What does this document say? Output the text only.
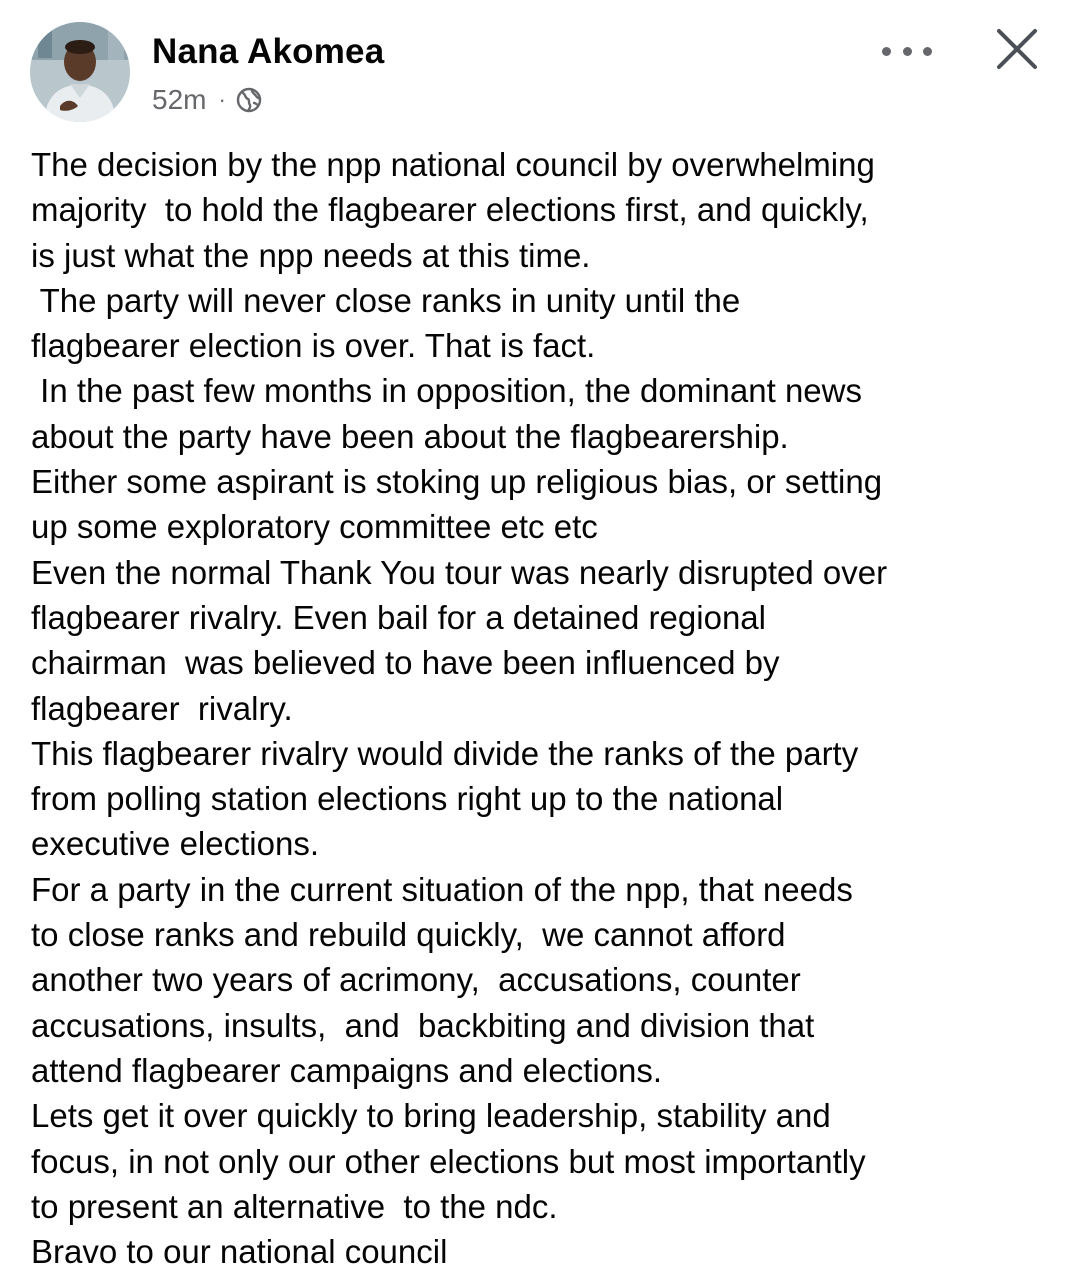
Nana Akomea
52m ·
The decision by the npp national council by overwhelming
majority  to hold the flagbearer elections first, and quickly,
is just what the npp needs at this time.
The party will never close ranks in unity until the
flagbearer election is over. That is fact.
In the past few months in opposition, the dominant news
about the party have been about the flagbearership.
Either some aspirant is stoking up religious bias, or setting
up some exploratory committee etc etc
Even the normal Thank You tour was nearly disrupted over
flagbearer rivalry. Even bail for a detained regional
chairman  was believed to have been influenced by
flagbearer  rivalry.
This flagbearer rivalry would divide the ranks of the party
from polling station elections right up to the national
executive elections.
For a party in the current situation of the npp, that needs
to close ranks and rebuild quickly,  we cannot afford
another two years of acrimony,  accusations, counter
accusations, insults,  and  backbiting and division that
attend flagbearer campaigns and elections.
Lets get it over quickly to bring leadership, stability and
focus, in not only our other elections but most importantly
to present an alternative  to the ndc.
Bravo to our national council
